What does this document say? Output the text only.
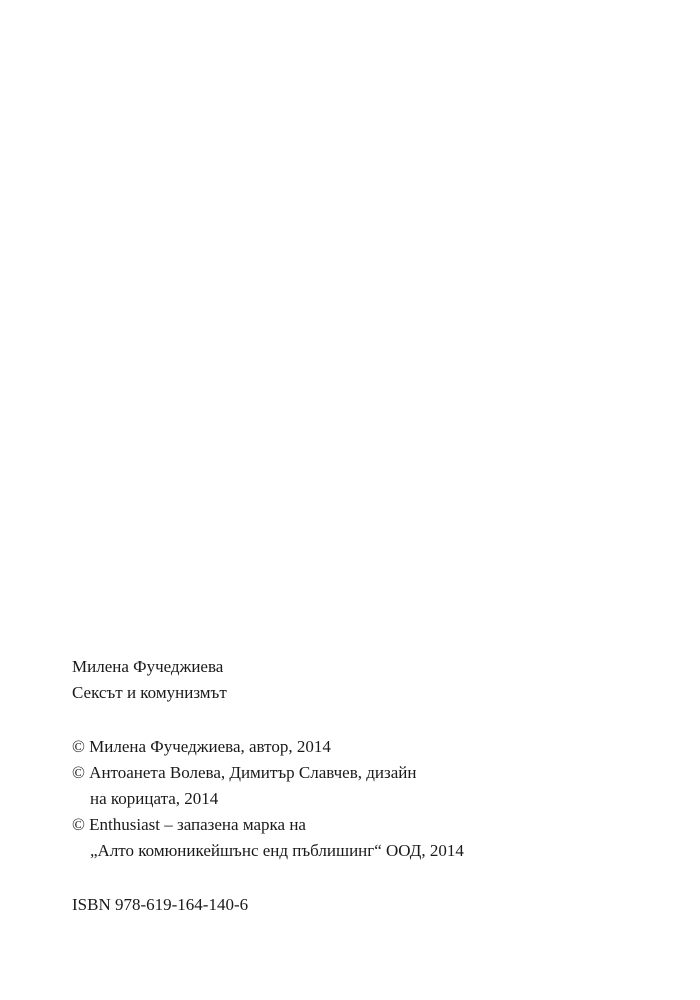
Милена Фучеджиева
Сексът и комунизмът
© Милена Фучеджиева, автор, 2014
© Антоанета Волева, Димитър Славчев, дизайн
на корицата, 2014
© Enthusiast – запазена марка на
„Алто комюникейшънс енд пъблишинг“ ООД, 2014
ISBN 978-619-164-140-6
